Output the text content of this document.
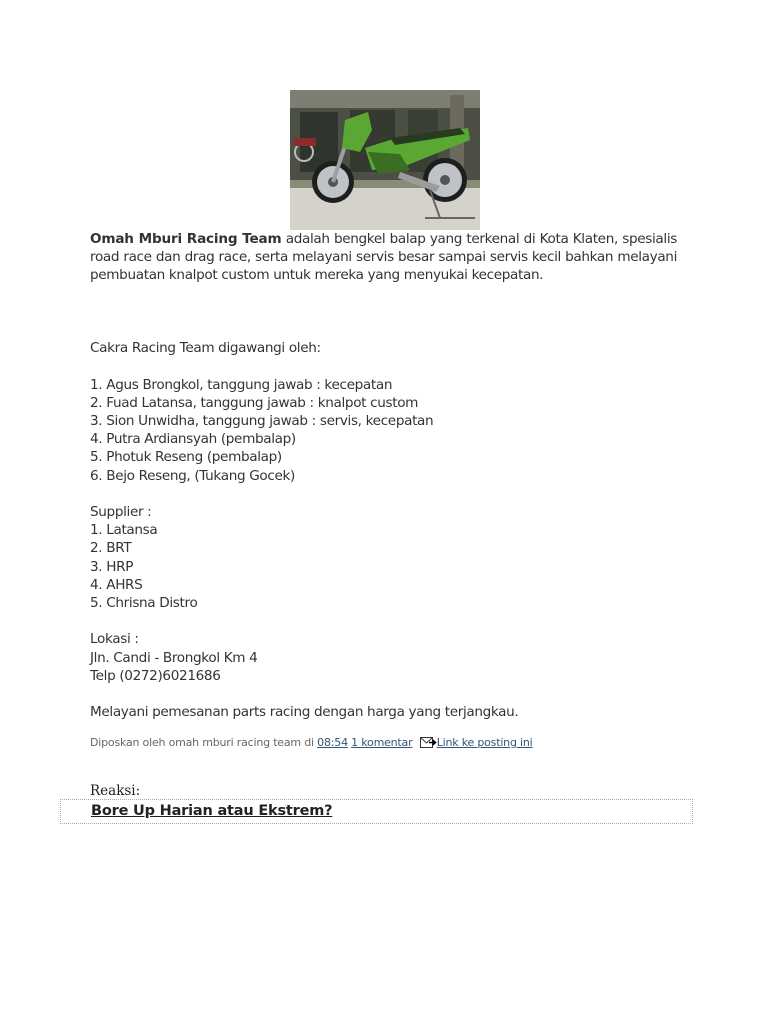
Omah Mburi Racing Team adalah bengkel balap yang terkenal di Kota Klaten, spesialis road race dan drag race, serta melayani servis besar sampai servis kecil bahkan melayani pembuatan knalpot custom untuk mereka yang menyukai kecepatan.

Cakra Racing Team digawangi oleh:
1. Agus Brongkol, tanggung jawab : kecepatan
2. Fuad Latansa, tanggung jawab : knalpot custom
3. Sion Unwidha, tanggung jawab : servis, kecepatan
4. Putra Ardiansyah (pembalap)
5. Photuk Reseng (pembalap)
6. Bejo Reseng, (Tukang Gocek)
Supplier :
1. Latansa
2. BRT
3. HRP
4. AHRS
5. Chrisna Distro
Lokasi :
Jln. Candi - Brongkol Km 4
Telp (0272)6021686
Melayani pemesanan parts racing dengan harga yang terjangkau.
Diposkan oleh omah mburi racing team di 08:54 1 komentar Link ke posting ini
Reaksi:
Bore Up Harian atau Ekstrem?
